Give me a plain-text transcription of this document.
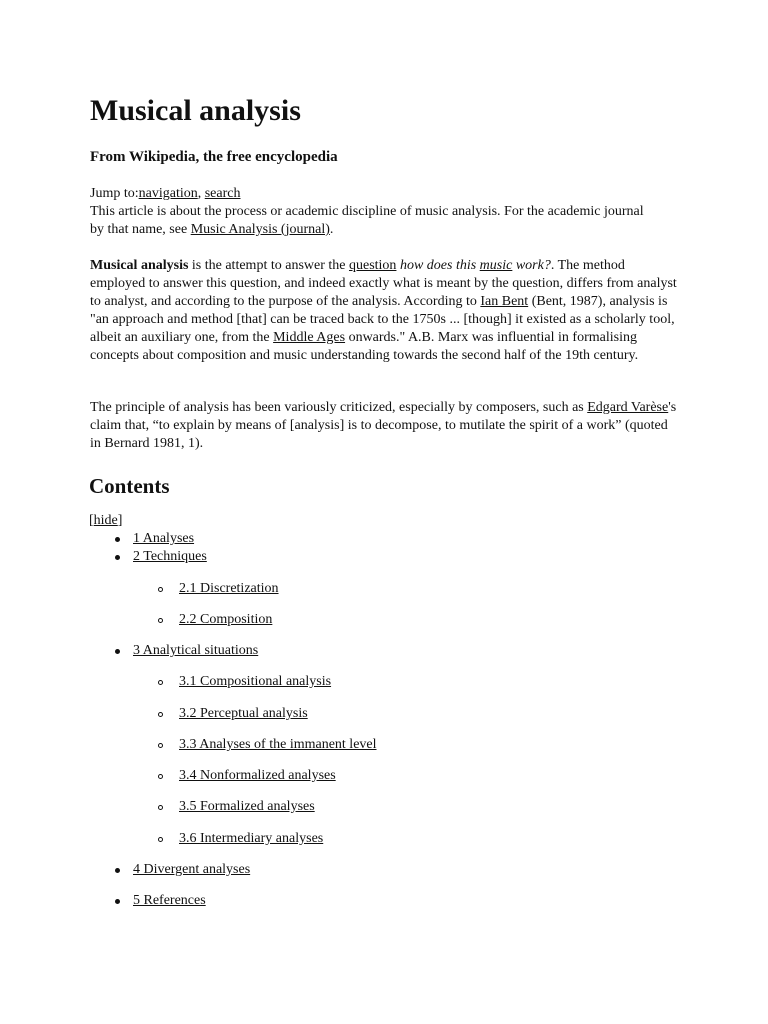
Musical analysis

From Wikipedia, the free encyclopedia

Jump to:navigation, search

This article is about the process or academic discipline of music analysis. For the academic journal by that name, see Music Analysis (journal).

Musical analysis is the attempt to answer the question how does this music work?. The method employed to answer this question, and indeed exactly what is meant by the question, differs from analyst to analyst, and according to the purpose of the analysis. According to Ian Bent (Bent, 1987), analysis is "an approach and method [that] can be traced back to the 1750s ... [though] it existed as a scholarly tool, albeit an auxiliary one, from the Middle Ages onwards." A.B. Marx was influential in formalising concepts about composition and music understanding towards the second half of the 19th century.

The principle of analysis has been variously criticized, especially by composers, such as Edgard Varèse's claim that, “to explain by means of [analysis] is to decompose, to mutilate the spirit of a work” (quoted in Bernard 1981, 1).

Contents
[hide]
1 Analyses
2 Techniques
2.1 Discretization
2.2 Composition
3 Analytical situations
3.1 Compositional analysis
3.2 Perceptual analysis
3.3 Analyses of the immanent level
3.4 Nonformalized analyses
3.5 Formalized analyses
3.6 Intermediary analyses
4 Divergent analyses
5 References
